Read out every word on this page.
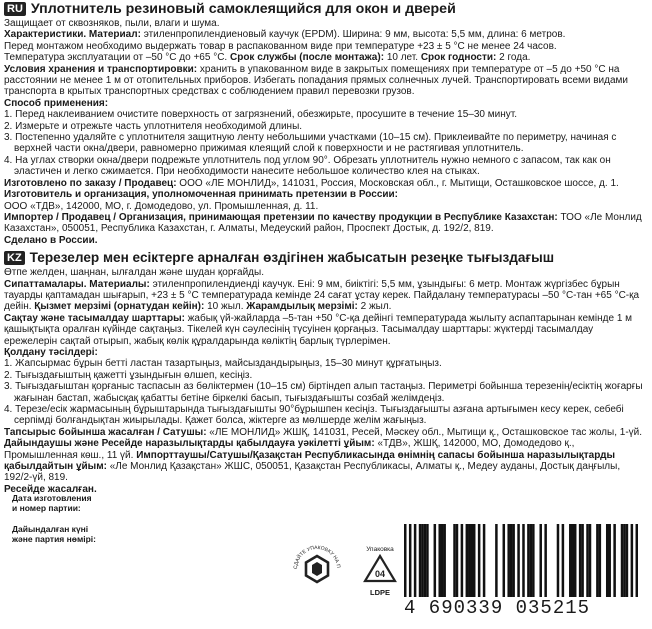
RU Уплотнитель резиновый самоклеящийся для окон и дверей

Защищает от сквозняков, пыли, влаги и шума.

Характеристики. Материал: этиленпропилендиеновый каучук (EPDM). Ширина: 9 мм, высота: 5,5 мм, длина: 6 метров.

Перед монтажом необходимо выдержать товар в распакованном виде при температуре +23 ± 5 °С не менее 24 часов.

Температура эксплуатации от –50 °С до +65 °С. Срок службы (после монтажа): 10 лет. Срок годности: 2 года.

Условия хранения и транспортировки: хранить в упакованном виде в закрытых помещениях при температуре от –5 до +50 °С на расстоянии не менее 1 м от отопительных приборов. Избегать попадания прямых солнечных лучей. Транспортировать всеми видами транспорта в крытых транспортных средствах с соблюдением правил перевозки грузов.

Способ применения:

1. Перед наклеиванием очистите поверхность от загрязнений, обезжирьте, просушите в течение 15–30 минут.

2. Измерьте и отрежьте часть уплотнителя необходимой длины.

3. Постепенно удаляйте с уплотнителя защитную ленту небольшими участками (10–15 см). Приклеивайте по периметру, начиная с верхней части окна/двери, равномерно прижимая клеящий слой к поверхности и не растягивая уплотнитель.

4. На углах створки окна/двери подрежьте уплотнитель под углом 90°. Обрезать уплотнитель нужно немного с запасом, так как он эластичен и легко сжимается. При необходимости нанесите небольшое количество клея на стыках.

Изготовлено по заказу / Продавец: ООО «ЛЕ МОНЛИД», 141031, Россия, Московская обл., г. Мытищи, Осташковское шоссе, д. 1.

Изготовитель и организация, уполномоченная принимать претензии в России:

ООО «ТДВ», 142000, МО, г. Домодедово, ул. Промышленная, д. 11.

Импортер / Продавец / Организация, принимающая претензии по качеству продукции в Республике Казахстан: ТОО «Ле Монлид Казахстан», 050051, Республика Казахстан, г. Алматы, Медеуский район, Проспект Достык, д. 192/2, 819.

Сделано в России.

KZ Терезелер мен есіктерге арналған өздігінен жабысатын резеңке тығыздағыш

Өтпе желден, шаңнан, ылғалдан және шудан қорғайды.

Сипаттамалары. Материалы: этиленпропилендиенді каучук. Ені: 9 мм, биіктігі: 5,5 мм, ұзындығы: 6 метр. Монтаж жүргізбес бұрын тауарды қаптамадан шығарып, +23 ± 5 °С температурада кемінде 24 сағат ұстау керек. Пайдалану температурасы –50 °С-тан +65 °С-қа дейін. Қызмет мерзімі (орнатудан кейін): 10 жыл. Жарамдылық мерзімі: 2 жыл.

Сақтау және тасымалдау шарттары: жабық үй-жайларда –5-тан +50 °С-қа дейінгі температурада жылыту аспаптарынан кемінде 1 м қашықтықта оралған күйінде сақтаңыз. Тікелей күн сәулесінің түсуінен қорғаңыз. Тасымалдау шарттары: жүктерді тасымалдау ережелерін сақтай отырып, жабық көлік құралдарында көліктің барлық түрлерімен.

Қолдану тәсілдері:

1. Жапсырмас бұрын бетті ластан тазартыңыз, майсыздандырыңыз, 15–30 минут құрғатыңыз.

2. Тығыздағыштың қажетті ұзындығын өлшеп, кесіңіз.

3. Тығыздағыштан қорғаныс таспасын аз бөліктермен (10–15 см) біртіндеп алып тастаңыз. Периметрі бойынша терезенің/есіктің жоғарғы жағынан бастап, жабысқақ қабатты бетіне біркелкі басып, тығыздағышты созбай желімдеңіз.

4. Терезе/есік жармасының бұрыштарында тығыздағышты 90°бұрышпен кесіңіз. Тығыздағышты азғана артығымен кесу керек, себебі серпімді болғандықтан жиырылады. Қажет болса, жіктерге аз мөлшерде желім жағыңыз.

Тапсырыс бойынша жасалған / Сатушы: «ЛЕ МОНЛИД» ЖШҚ, 141031, Ресей, Мәскеу обл., Мытищи қ., Осташковское тас жолы, 1-үй. Дайындаушы және Ресейде наразылықтарды қабылдауға уәкілетті ұйым: «ТДВ», ЖШҚ, 142000, МО, Домодедово қ., Промышленная көш., 11 үй. Импорттаушы/Сатушы/Қазақстан Республикасында өнімнің сапасы бойынша наразылықтарды қабылдайтын ұйым: «Ле Монлид Қазақстан» ЖШС, 050051, Қазақстан Республикасы, Алматы қ., Медеу ауданы, Достық даңғылы, 192/2-үй, 819.

Ресейде жасалған.

Дата изготовления
и номер партии:
Дайындалған күні
және партия нөмірі:
СДАЙТЕ УПАКОВКУ НА П
Упаковка
04
LDPE
4 690339 035215
